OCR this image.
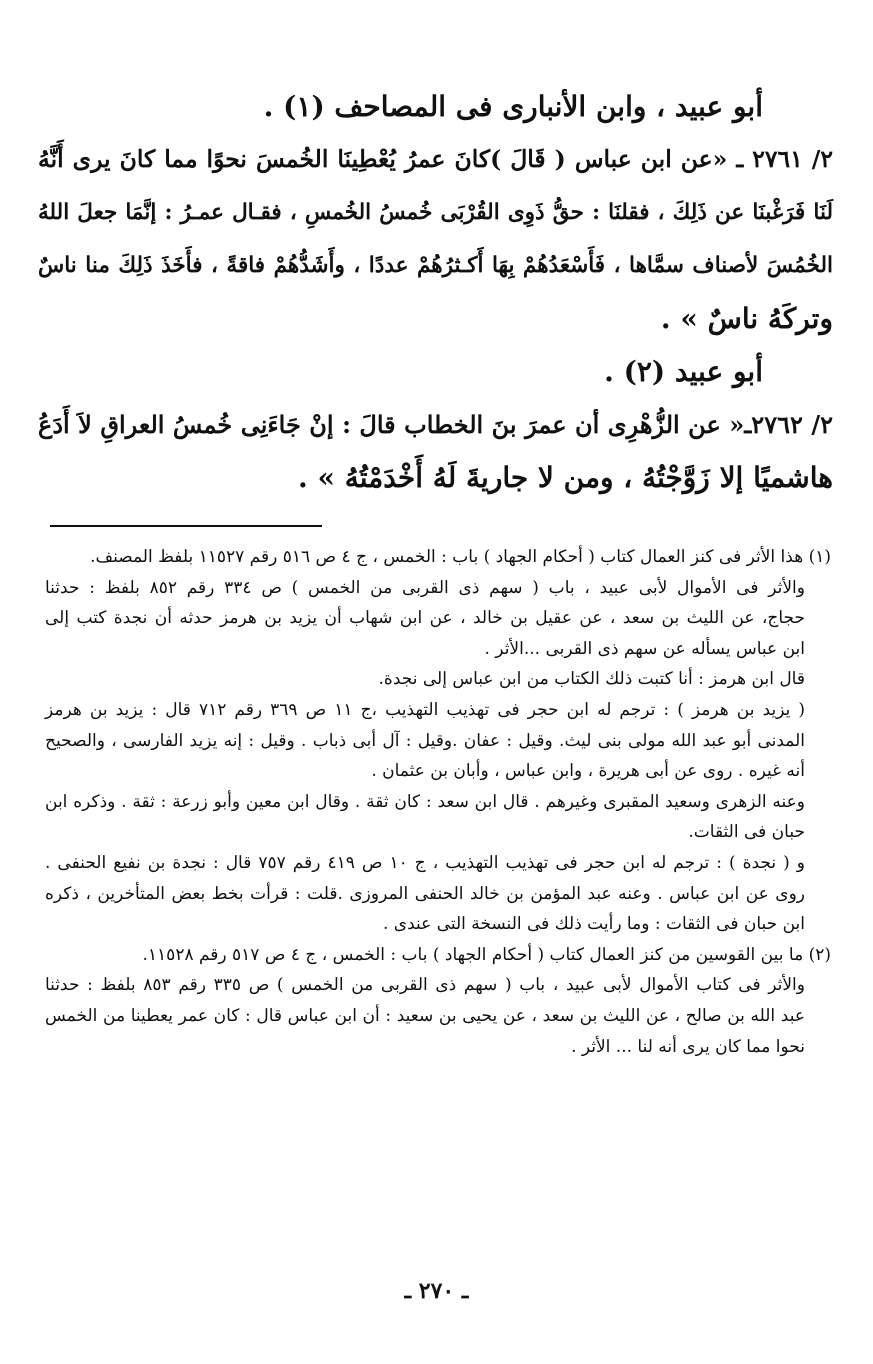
أبو عبيد ، وابن الأنبارى فى المصاحف (١) .
٢/ ٢٧٦١ ـ «عن ابن عباس ( قَالَ )كانَ عمرُ يُعْطِينَا الخُمسَ نحوًا مما كانَ يرى أَنَّهُ
لَنَا فَرَغْبنَا عن ذَلِكَ ، فقلنَا : حقُّ ذَوِى القُرْبَى خُمسُ الخُمسِ ، فقـال عمـرُ : إنَّمَا جعلَ اللهُ
الخُمُسَ لأصناف سمَّاها ، فَأَسْعَدُهُمْ بِهَا أَكـثرُهُمْ عددًا ، وأَشَدُّهُمْ فاقةً ، فأَخَذَ ذَلِكَ منا ناسٌ
وتركَهُ ناسٌ » .
أبو عبيد (٢) .
٢/ ٢٧٦٢ـ« عن الزُّهْرِى أن عمرَ بنَ الخطاب قالَ : إنْ جَاءَنِى خُمسُ العراقِ لاَ أَدَعُ
هاشميًا إلا زَوَّجْتُهُ ، ومن لا جاريةَ لَهُ أَخْدَمْتُهُ » .
(١) هذا الأثر فى كنز العمال كتاب ( أحكام الجهاد ) باب : الخمس ، ج ٤ ص ٥١٦ رقم ١١٥٢٧ بلفظ المصنف.
والأثر فى الأموال لأبى عبيد ، باب ( سهم ذى القربى من الخمس ) ص ٣٣٤ رقم ٨٥٢ بلفظ : حدثنا
حجاج، عن الليث بن سعد ، عن عقيل بن خالد ، عن ابن شهاب أن يزيد بن هرمز حدثه أن نجدة كتب إلى
ابن عباس يسأله عن سهم ذى القربى ...الأثر .
قال ابن هرمز : أنا كتبت ذلك الكتاب من ابن عباس إلى نجدة.
( يزيد بن هرمز ) : ترجم له ابن حجر فى تهذيب التهذيب ،ج ١١ ص ٣٦٩ رقم ٧١٢ قال : يزيد بن هرمز
المدنى أبو عبد الله مولى بنى ليث. وقيل : عفان .وقيل : آل أبى ذباب . وقيل : إنه يزيد الفارسى ، والصحيح
أنه غيره . روى عن أبى هريرة ، وابن عباس ، وأبان بن عثمان .
وعنه الزهرى وسعيد المقبرى وغيرهم . قال ابن سعد : كان ثقة . وقال ابن معين وأبو زرعة : ثقة . وذكره ابن
حبان فى الثقات.
و ( نجدة ) : ترجم له ابن حجر فى تهذيب التهذيب ، ج ١٠ ص ٤١٩ رقم ٧٥٧ قال : نجدة بن نفيع الحنفى .
روى عن ابن عباس . وعنه عبد المؤمن بن خالد الحنفى المروزى .قلت : قرأت بخط بعض المتأخرين ، ذكره
ابن حبان فى الثقات : وما رأيت ذلك فى النسخة التى عندى .
(٢) ما بين القوسين من كنز العمال كتاب ( أحكام الجهاد ) باب : الخمس ، ج ٤ ص ٥١٧ رقم ١١٥٢٨.
والأثر فى كتاب الأموال لأبى عبيد ، باب ( سهم ذى القربى من الخمس ) ص ٣٣٥ رقم ٨٥٣ بلفظ : حدثنا
عبد الله بن صالح ، عن الليث بن سعد ، عن يحيى بن سعيد : أن ابن عباس قال : كان عمر يعطينا من الخمس
نحوا مما كان يرى أنه لنا ... الأثر .
ـ ٢٧٠ ـ
